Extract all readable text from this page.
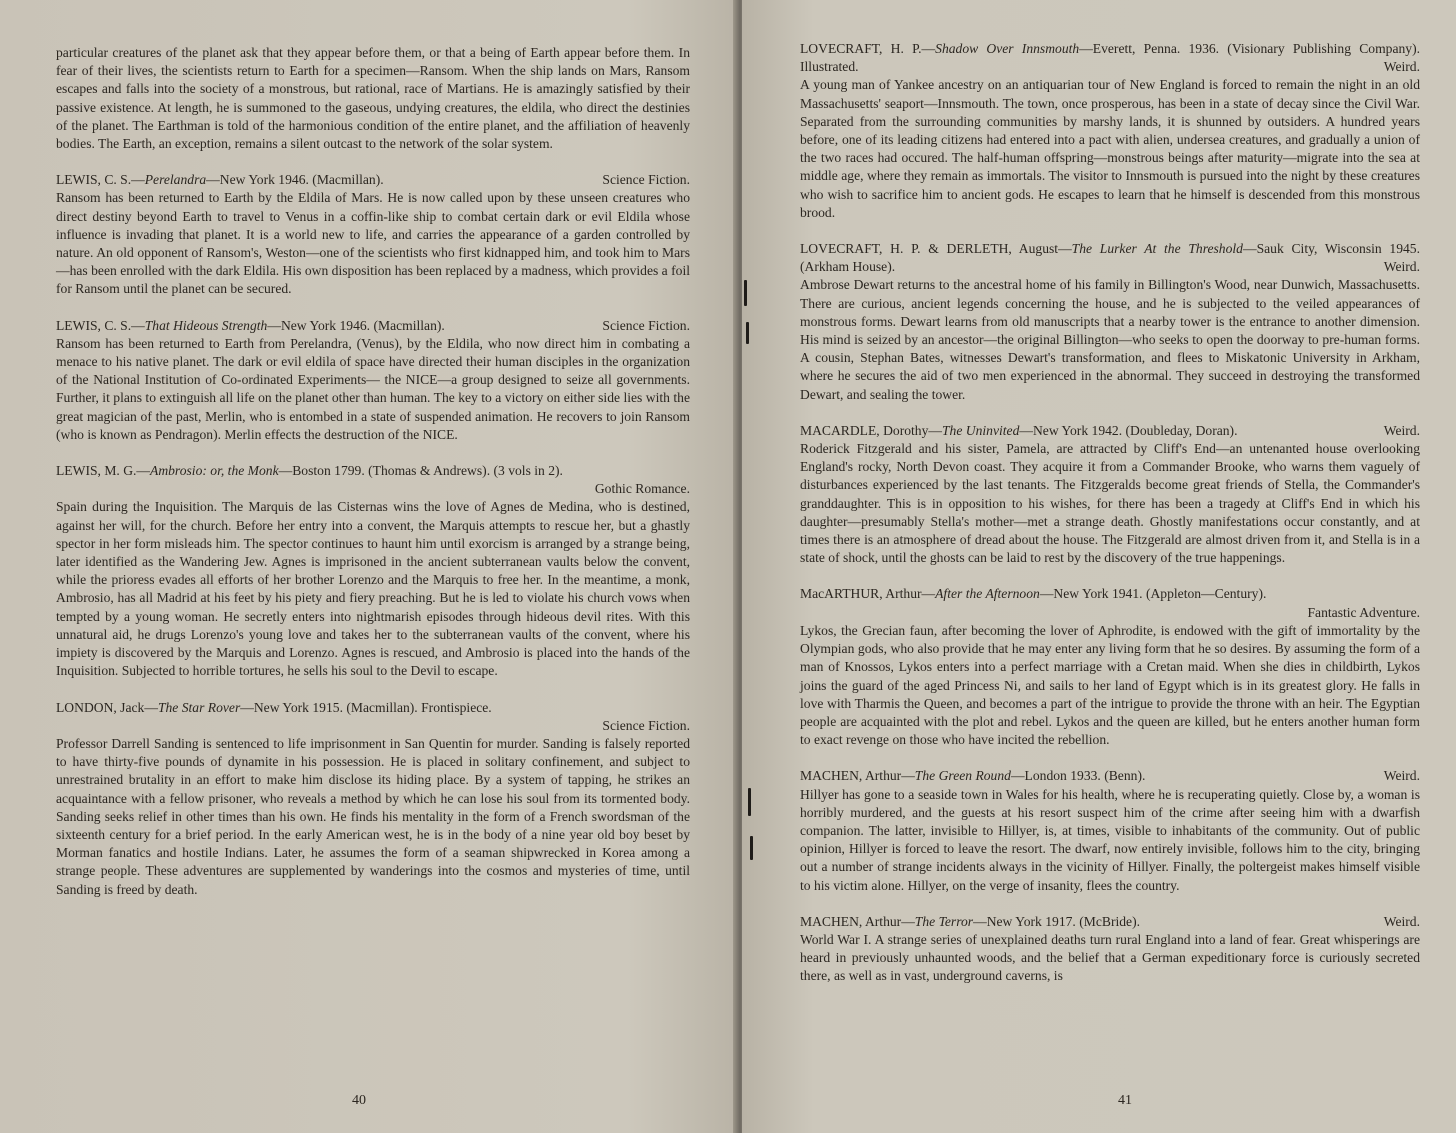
particular creatures of the planet ask that they appear before them, or that a being of Earth appear before them. In fear of their lives, the scientists return to Earth for a specimen—Ransom. When the ship lands on Mars, Ransom escapes and falls into the society of a monstrous, but rational, race of Martians. He is amazingly satisfied by their passive existence. At length, he is summoned to the gaseous, undying creatures, the eldila, who direct the destinies of the planet. The Earthman is told of the harmonious condition of the entire planet, and the affiliation of heavenly bodies. The Earth, an exception, remains a silent outcast to the network of the solar system.

Science Fiction.
LEWIS, C. S.—Perelandra—New York 1946. (Macmillan).

Ransom has been returned to Earth by the Eldila of Mars. He is now called upon by these unseen creatures who direct destiny beyond Earth to travel to Venus in a coffin-like ship to combat certain dark or evil Eldila whose influence is invading that planet. It is a world new to life, and carries the appearance of a garden controlled by nature. An old opponent of Ransom's, Weston—one of the scientists who first kidnapped him, and took him to Mars—has been enrolled with the dark Eldila. His own disposition has been replaced by a madness, which provides a foil for Ransom until the planet can be secured.

Science Fiction.
LEWIS, C. S.—That Hideous Strength—New York 1946. (Macmillan).

Ransom has been returned to Earth from Perelandra, (Venus), by the Eldila, who now direct him in combating a menace to his native planet. The dark or evil eldila of space have directed their human disciples in the organization of the National Institution of Co-ordinated Experiments— the NICE—a group designed to seize all governments. Further, it plans to extinguish all life on the planet other than human. The key to a victory on either side lies with the great magician of the past, Merlin, who is entombed in a state of suspended animation. He recovers to join Ransom (who is known as Pendragon). Merlin effects the destruction of the NICE.

LEWIS, M. G.—Ambrosio: or, the Monk—Boston 1799. (Thomas & Andrews). (3 vols in 2).

Gothic Romance.

Spain during the Inquisition. The Marquis de las Cisternas wins the love of Agnes de Medina, who is destined, against her will, for the church. Before her entry into a convent, the Marquis attempts to rescue her, but a ghastly spector in her form misleads him. The spector continues to haunt him until exorcism is arranged by a strange being, later identified as the Wandering Jew. Agnes is imprisoned in the ancient subterranean vaults below the convent, while the prioress evades all efforts of her brother Lorenzo and the Marquis to free her. In the meantime, a monk, Ambrosio, has all Madrid at his feet by his piety and fiery preaching. But he is led to violate his church vows when tempted by a young woman. He secretly enters into nightmarish episodes through hideous devil rites. With this unnatural aid, he drugs Lorenzo's young love and takes her to the subterranean vaults of the convent, where his impiety is discovered by the Marquis and Lorenzo. Agnes is rescued, and Ambrosio is placed into the hands of the Inquisition. Subjected to horrible tortures, he sells his soul to the Devil to escape.

LONDON, Jack—The Star Rover—New York 1915. (Macmillan). Frontispiece.

Science Fiction.

Professor Darrell Sanding is sentenced to life imprisonment in San Quentin for murder. Sanding is falsely reported to have thirty-five pounds of dynamite in his possession. He is placed in solitary confinement, and subject to unrestrained brutality in an effort to make him disclose its hiding place. By a system of tapping, he strikes an acquaintance with a fellow prisoner, who reveals a method by which he can lose his soul from its tormented body. Sanding seeks relief in other times than his own. He finds his mentality in the form of a French swordsman of the sixteenth century for a brief period. In the early American west, he is in the body of a nine year old boy beset by Morman fanatics and hostile Indians. Later, he assumes the form of a seaman shipwrecked in Korea among a strange people. These adventures are supplemented by wanderings into the cosmos and mysteries of time, until Sanding is freed by death.

40

LOVECRAFT, H. P.—Shadow Over Innsmouth—Everett, Penna. 1936. (Visionary Publishing Company). Illustrated.	Weird.

A young man of Yankee ancestry on an antiquarian tour of New England is forced to remain the night in an old Massachusetts' seaport—Innsmouth. The town, once prosperous, has been in a state of decay since the Civil War. Separated from the surrounding communities by marshy lands, it is shunned by outsiders. A hundred years before, one of its leading citizens had entered into a pact with alien, undersea creatures, and gradually a union of the two races had occured. The half-human offspring—monstrous beings after maturity—migrate into the sea at middle age, where they remain as immortals. The visitor to Innsmouth is pursued into the night by these creatures who wish to sacrifice him to ancient gods. He escapes to learn that he himself is descended from this monstrous brood.

LOVECRAFT, H. P. & DERLETH, August—The Lurker At the Threshold—Sauk City, Wisconsin 1945. (Arkham House).	Weird.

Ambrose Dewart returns to the ancestral home of his family in Billington's Wood, near Dunwich, Massachusetts. There are curious, ancient legends concerning the house, and he is subjected to the veiled appearances of monstrous forms. Dewart learns from old manuscripts that a nearby tower is the entrance to another dimension. His mind is seized by an ancestor—the original Billington—who seeks to open the doorway to pre-human forms. A cousin, Stephan Bates, witnesses Dewart's transformation, and flees to Miskatonic University in Arkham, where he secures the aid of two men experienced in the abnormal. They succeed in destroying the transformed Dewart, and sealing the tower.

Weird.
MACARDLE, Dorothy—The Uninvited—New York 1942. (Doubleday, Doran).

Roderick Fitzgerald and his sister, Pamela, are attracted by Cliff's End—an untenanted house overlooking England's rocky, North Devon coast. They acquire it from a Commander Brooke, who warns them vaguely of disturbances experienced by the last tenants. The Fitzgeralds become great friends of Stella, the Commander's granddaughter. This is in opposition to his wishes, for there has been a tragedy at Cliff's End in which his daughter—presumably Stella's mother—met a strange death. Ghostly manifestations occur constantly, and at times there is an atmosphere of dread about the house. The Fitzgerald are almost driven from it, and Stella is in a state of shock, until the ghosts can be laid to rest by the discovery of the true happenings.

MacARTHUR, Arthur—After the Afternoon—New York 1941. (Appleton—Century).

Fantastic Adventure.

Lykos, the Grecian faun, after becoming the lover of Aphrodite, is endowed with the gift of immortality by the Olympian gods, who also provide that he may enter any living form that he so desires. By assuming the form of a man of Knossos, Lykos enters into a perfect marriage with a Cretan maid. When she dies in childbirth, Lykos joins the guard of the aged Princess Ni, and sails to her land of Egypt which is in its greatest glory. He falls in love with Tharmis the Queen, and becomes a part of the intrigue to provide the throne with an heir. The Egyptian people are acquainted with the plot and rebel. Lykos and the queen are killed, but he enters another human form to exact revenge on those who have incited the rebellion.

Weird.
MACHEN, Arthur—The Green Round—London 1933. (Benn).

Hillyer has gone to a seaside town in Wales for his health, where he is recuperating quietly. Close by, a woman is horribly murdered, and the guests at his resort suspect him of the crime after seeing him with a dwarfish companion. The latter, invisible to Hillyer, is, at times, visible to inhabitants of the community. Out of public opinion, Hillyer is forced to leave the resort. The dwarf, now entirely invisible, follows him to the city, bringing out a number of strange incidents always in the vicinity of Hillyer. Finally, the poltergeist makes himself visible to his victim alone. Hillyer, on the verge of insanity, flees the country.

Weird.
MACHEN, Arthur—The Terror—New York 1917. (McBride).

World War I. A strange series of unexplained deaths turn rural England into a land of fear. Great whisperings are heard in previously unhaunted woods, and the belief that a German expeditionary force is curiously secreted there, as well as in vast, underground caverns, is

41
